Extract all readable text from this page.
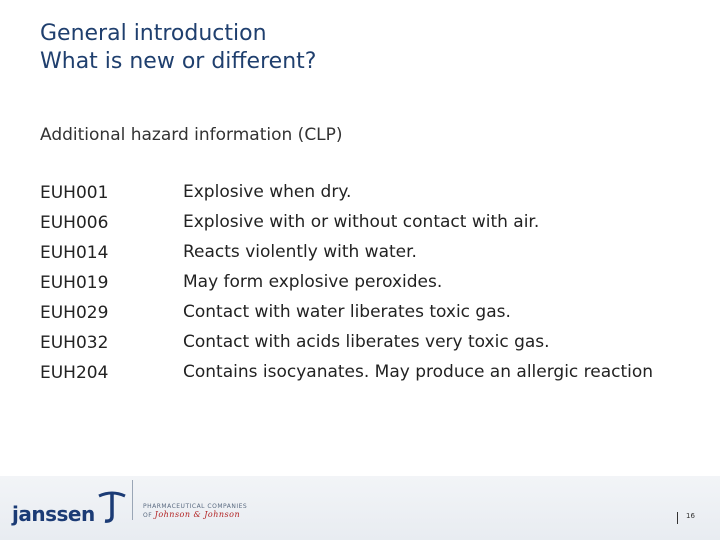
General introduction
What is new or different?
Additional hazard information (CLP)
EUH001	Explosive when dry.
EUH006	Explosive with or without contact with air.
EUH014	Reacts violently with water.
EUH019	May form explosive peroxides.
EUH029	Contact with water liberates toxic gas.
EUH032	Contact with acids liberates very toxic gas.
EUH204	Contains isocyanates. May produce an allergic reaction
janssen	PHARMACEUTICAL COMPANIES
OF Johnson & Johnson	16
